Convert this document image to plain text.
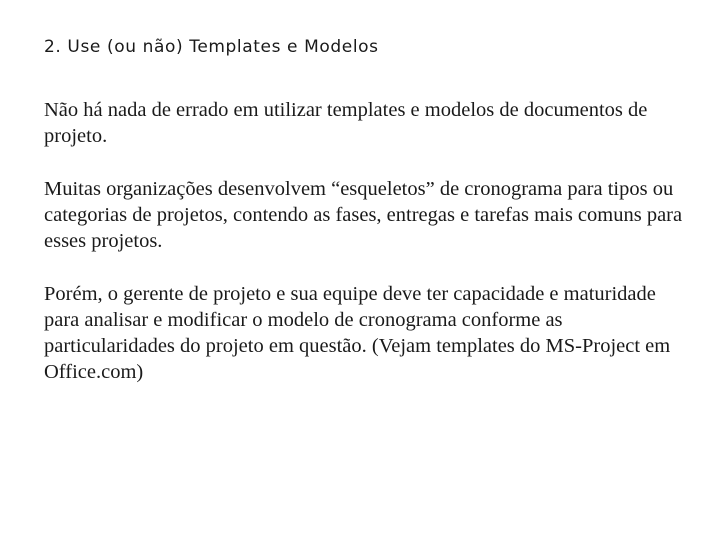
2. Use (ou não) Templates e Modelos

Não há nada de errado em utilizar templates e modelos de documentos de projeto.

Muitas organizações desenvolvem “esqueletos” de cronograma para tipos ou categorias de projetos, contendo as fases, entregas e tarefas mais comuns para esses projetos.

Porém, o gerente de projeto e sua equipe deve ter capacidade e maturidade para analisar e modificar o modelo de cronograma conforme as particularidades do projeto em questão. (Vejam templates do MS-Project em Office.com)
